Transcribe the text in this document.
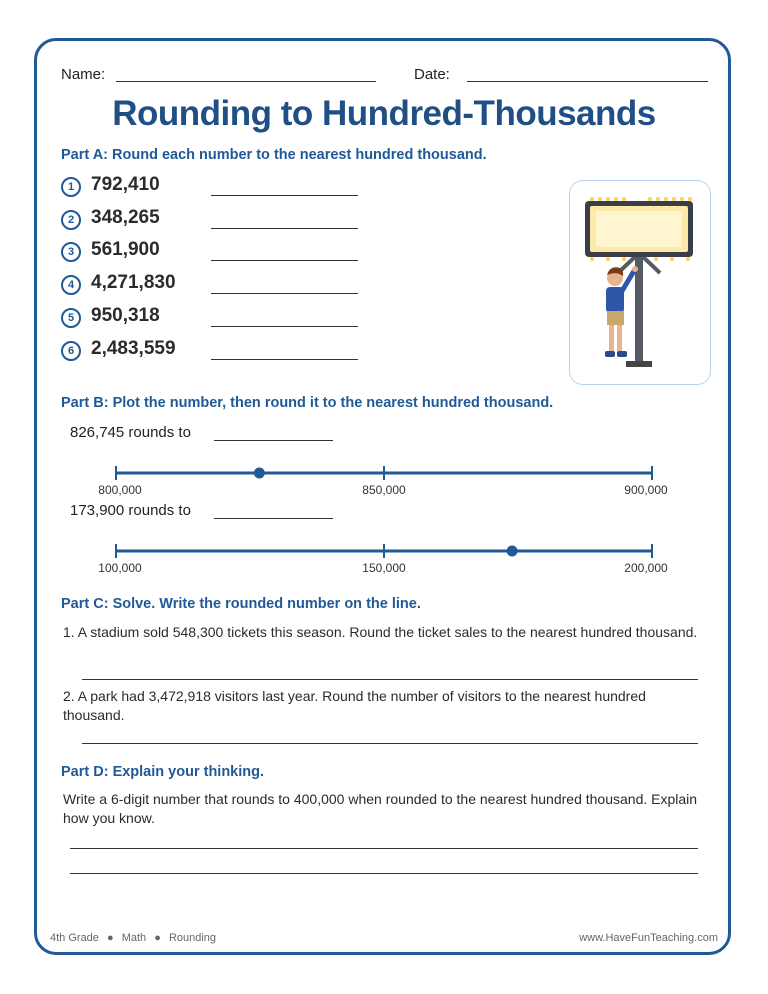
Name:	Date:
Rounding to Hundred-Thousands
Part A: Round each number to the nearest hundred thousand.
1 792,410
2 348,265
3 561,900
4 4,271,830
5 950,318
6 2,483,559
Part B: Plot the number, then round it to the nearest hundred thousand.
826,745 rounds to
800,000	850,000	900,000
173,900 rounds to
100,000	150,000	200,000
Part C: Solve. Write the rounded number on the line.
1. A stadium sold 548,300 tickets this season. Round the ticket sales to the nearest hundred thousand.
2. A park had 3,472,918 visitors last year. Round the number of visitors to the nearest hundred thousand.
Part D: Explain your thinking.
Write a 6-digit number that rounds to 400,000 when rounded to the nearest hundred thousand. Explain how you know.
4th Grade ● Math ● Rounding	www.HaveFunTeaching.com
